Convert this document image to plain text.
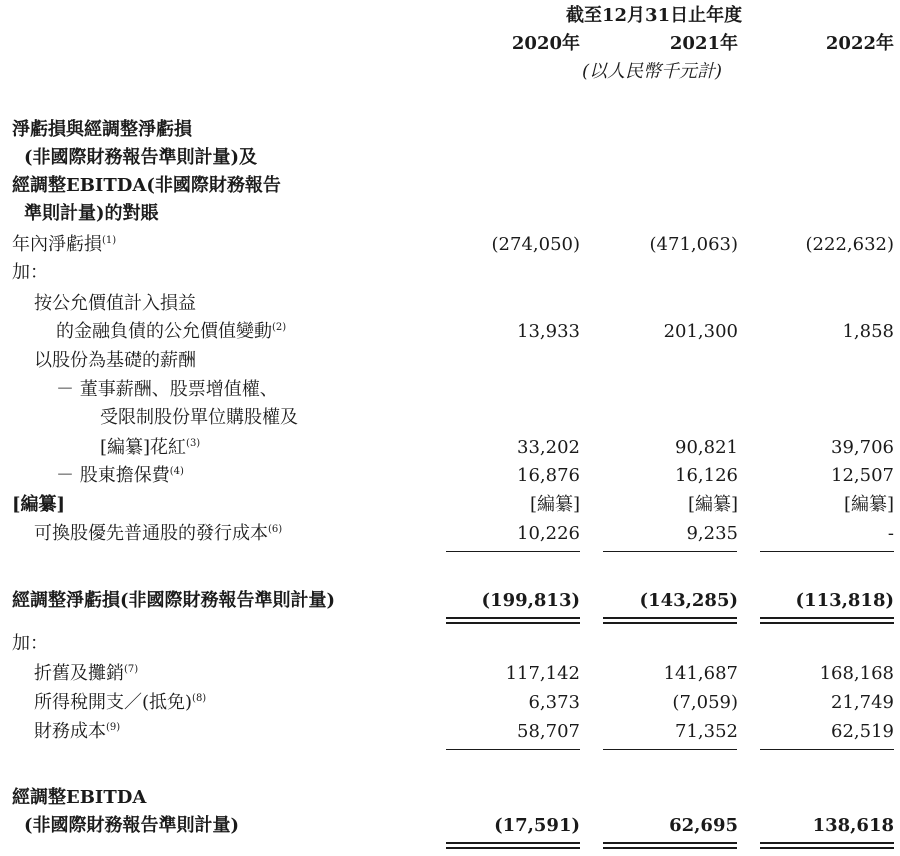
截至12月31日止年度
2020年	2021年	2022年
(以人民幣千元計)
淨虧損與經調整淨虧損
(非國際財務報告準則計量)及
經調整EBITDA(非國際財務報告
準則計量)的對賬
年內淨虧損$^{(1)}$	(274,050)	(471,063)	(222,632)
加：
按公允價值計入損益
的金融負債的公允價值變動$^{(2)}$	13,933	201,300	1,858
以股份為基礎的薪酬
－ 董事薪酬、股票增值權、
受限制股份單位購股權及
[編纂]花紅$^{(3)}$	33,202	90,821	39,706
－ 股東擔保費$^{(4)}$	16,876	16,126	12,507
[編纂]	[編纂]	[編纂]	[編纂]
可換股優先普通股的發行成本$^{(6)}$	10,226	9,235	-
經調整淨虧損(非國際財務報告準則計量)	(199,813)	(143,285)	(113,818)
加：
折舊及攤銷$^{(7)}$	117,142	141,687	168,168
所得稅開支／(抵免)$^{(8)}$	6,373	(7,059)	21,749
財務成本$^{(9)}$	58,707	71,352	62,519
經調整EBITDA
(非國際財務報告準則計量)	(17,591)	62,695	138,618
